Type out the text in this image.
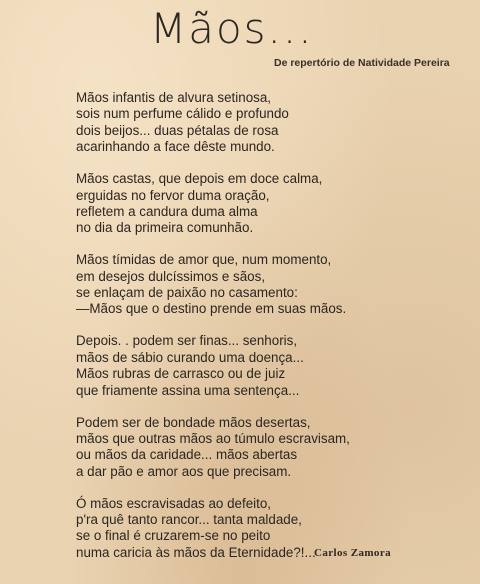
Mãos...
De repertório de Natividade Pereira
Mãos infantis de alvura setinosa,
sois num perfume cálido e profundo
dois beijos... duas pétalas de rosa
acarinhando a face dêste mundo.
Mãos castas, que depois em doce calma,
erguidas no fervor duma oração,
refletem a candura duma alma
no dia da primeira comunhão.
Mãos tímidas de amor que, num momento,
em desejos dulcíssimos e sãos,
se enlaçam de paixão no casamento:
—Mãos que o destino prende em suas mãos.
Depois. . podem ser finas... senhoris,
mãos de sábio curando uma doença...
Mãos rubras de carrasco ou de juiz
que friamente assina uma sentença...
Podem ser de bondade mãos desertas,
mãos que outras mãos ao túmulo escravisam,
ou mãos da caridade... mãos abertas
a dar pão e amor aos que precisam.
Ó mãos escravisadas ao defeito,
p'ra quê tanto rancor... tanta maldade,
se o final é cruzarem-se no peito
numa caricia às mãos da Eternidade?!...
Carlos Zamora
